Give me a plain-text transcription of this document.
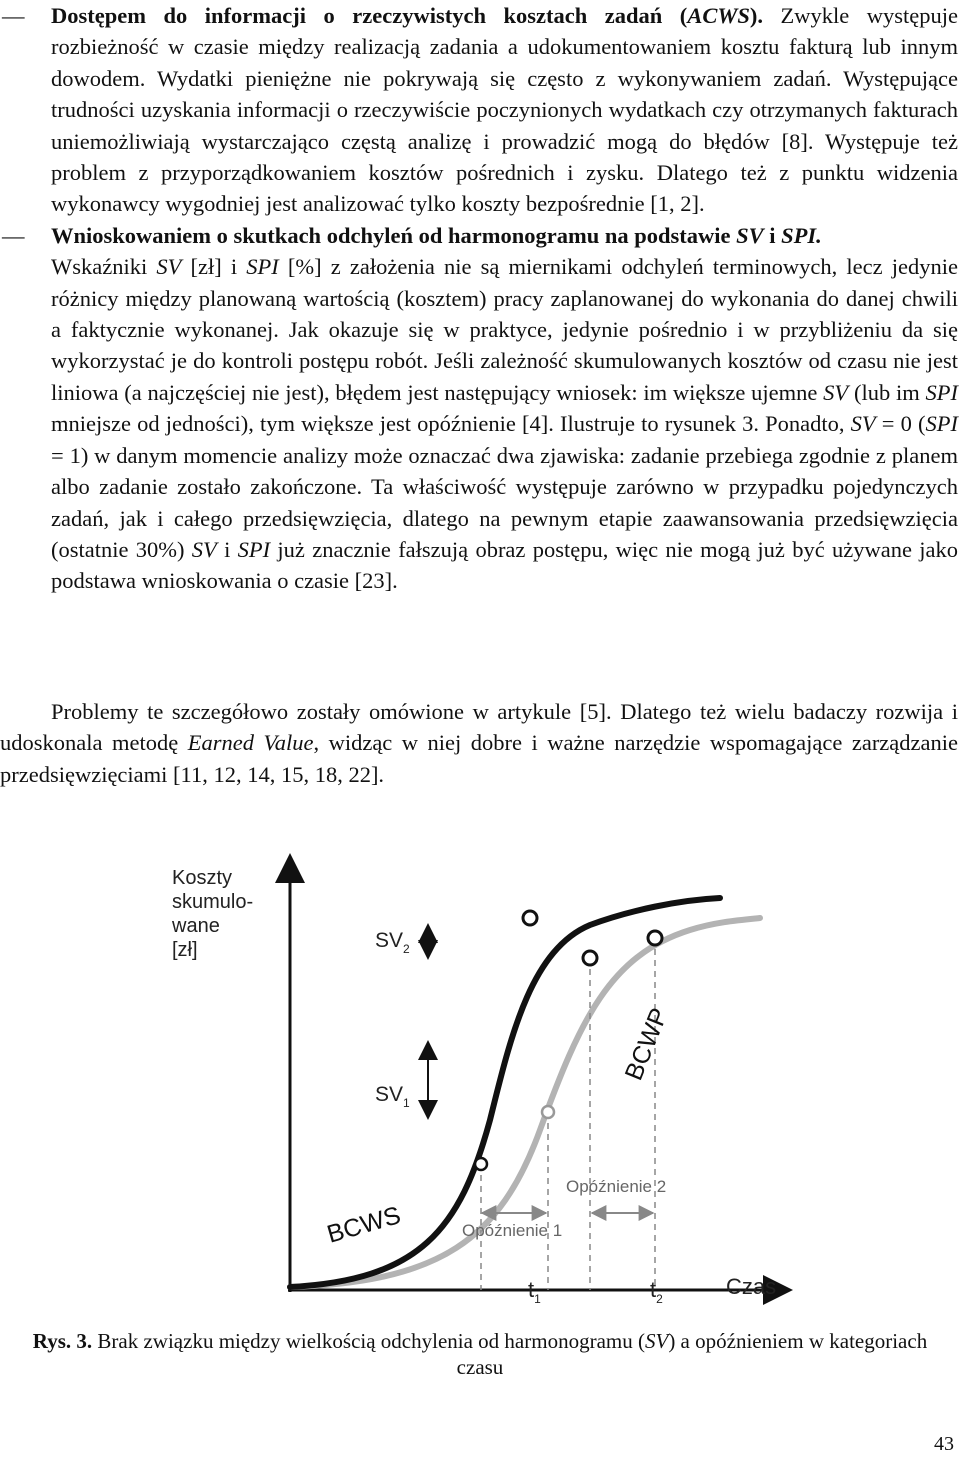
— Dostępem do informacji o rzeczywistych kosztach zadań (ACWS). Zwykle występuje rozbieżność w czasie między realizacją zadania a udokumentowaniem kosztu fakturą lub innym dowodem. Wydatki pieniężne nie pokrywają się często z wykonywaniem zadań. Występujące trudności uzyskania informacji o rzeczywiście poczynionych wydatkach czy otrzymanych fakturach uniemożliwiają wystarczająco częstą analizę i prowadzić mogą do błędów [8]. Występuje też problem z przyporządkowaniem kosztów pośrednich i zysku. Dlatego też z punktu widzenia wykonawcy wygodniej jest analizować tylko koszty bezpośrednie [1, 2].

— Wnioskowaniem o skutkach odchyleń od harmonogramu na podstawie SV i SPI.

Wskaźniki SV [zł] i SPI [%] z założenia nie są miernikami odchyleń terminowych, lecz jedynie różnicy między planowaną wartością (kosztem) pracy zaplanowanej do wykonania do danej chwili a faktycznie wykonanej. Jak okazuje się w praktyce, jedynie pośrednio i w przybliżeniu da się wykorzystać je do kontroli postępu robót. Jeśli zależność skumulowanych kosztów od czasu nie jest liniowa (a najczęściej nie jest), błędem jest następujący wniosek: im większe ujemne SV (lub im SPI mniejsze od jedności), tym większe jest opóźnienie [4]. Ilustruje to rysunek 3. Ponadto, SV = 0 (SPI = 1) w danym momencie analizy może oznaczać dwa zjawiska: zadanie przebiega zgodnie z planem albo zadanie zostało zakończone. Ta właściwość występuje zarówno w przypadku pojedynczych zadań, jak i całego przedsięwzięcia, dlatego na pewnym etapie zaawansowania przedsięwzięcia (ostatnie 30%) SV i SPI już znacznie fałszują obraz postępu, więc nie mogą już być używane jako podstawa wnioskowania o czasie [23].

Problemy te szczegółowo zostały omówione w artykule [5]. Dlatego też wielu badaczy rozwija i udoskonala metodę Earned Value, widząc w niej dobre i ważne narzędzie wspomagające zarządzanie przedsięwzięciami [11, 12, 14, 15, 18, 22].

Koszty skumulo- wane [zł]
Czas
$SV_2$
$SV_1$
Opóźnienie 1
Opóźnienie 2
BCWS
BCWP
$t_1$	$t_2$
Rys. 3. Brak związku między wielkością odchylenia od harmonogramu (SV) a opóźnieniem w kategoriach czasu
43
